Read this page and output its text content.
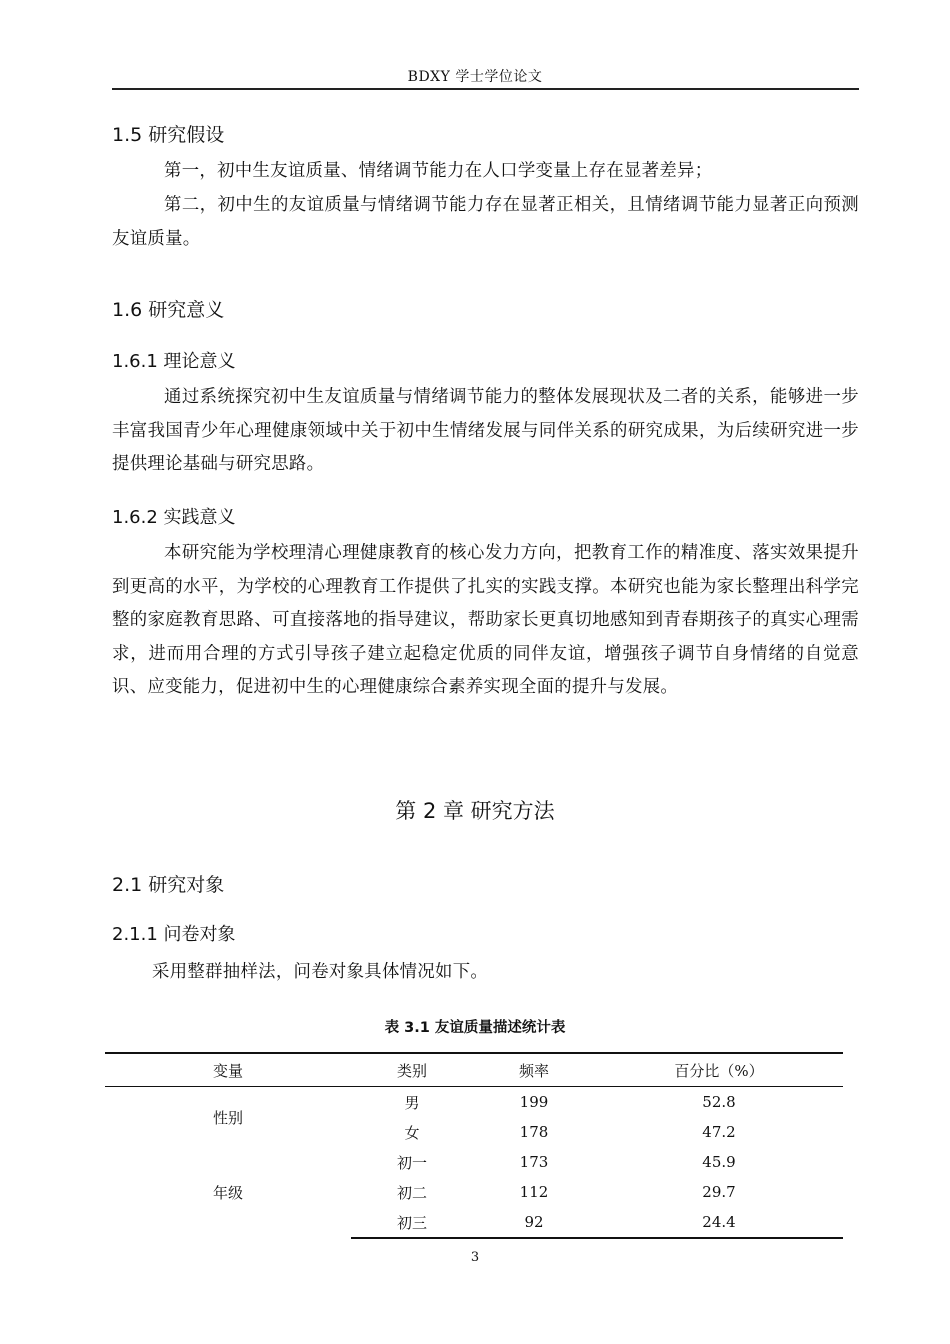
BDXY 学士学位论文
1.5 研究假设
第一，初中生友谊质量、情绪调节能力在人口学变量上存在显著差异；
第二，初中生的友谊质量与情绪调节能力存在显著正相关，且情绪调节能力显著正向预测友谊质量。
1.6 研究意义
1.6.1 理论意义
通过系统探究初中生友谊质量与情绪调节能力的整体发展现状及二者的关系，能够进一步丰富我国青少年心理健康领域中关于初中生情绪发展与同伴关系的研究成果，为后续研究进一步提供理论基础与研究思路。
1.6.2 实践意义
本研究能为学校理清心理健康教育的核心发力方向，把教育工作的精准度、落实效果提升到更高的水平，为学校的心理教育工作提供了扎实的实践支撑。本研究也能为家长整理出科学完整的家庭教育思路、可直接落地的指导建议，帮助家长更真切地感知到青春期孩子的真实心理需求，进而用合理的方式引导孩子建立起稳定优质的同伴友谊，增强孩子调节自身情绪的自觉意识、应变能力，促进初中生的心理健康综合素养实现全面的提升与发展。
第 2 章 研究方法
2.1 研究对象
2.1.1 问卷对象
采用整群抽样法，问卷对象具体情况如下。
表 3.1 友谊质量描述统计表
变量	类别	频率	百分比（%）
性别	男	199	52.8
	女	178	47.2
年级	初一	173	45.9
	初二	112	29.7
	初三	92	24.4
3
